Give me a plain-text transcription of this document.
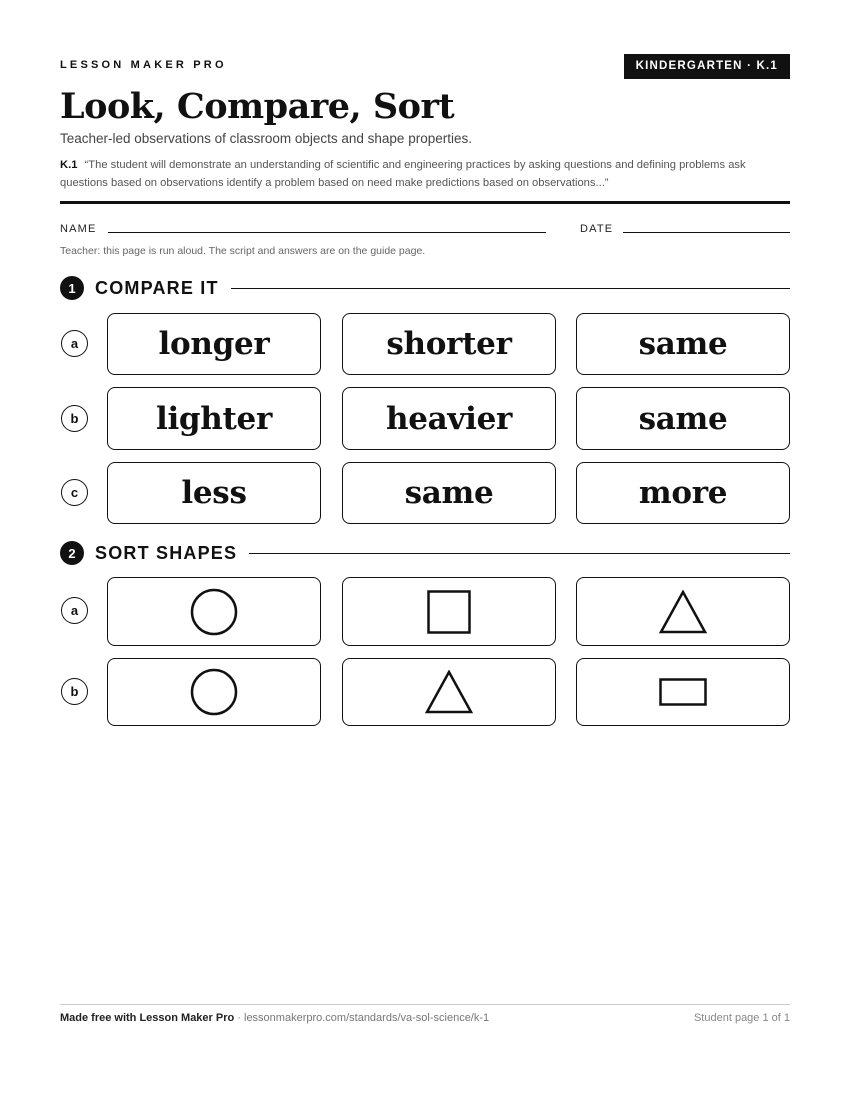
LESSON MAKER PRO	KINDERGARTEN · K.1
Look, Compare, Sort
Teacher-led observations of classroom objects and shape properties.
K.1 “The student will demonstrate an understanding of scientific and engineering practices by asking questions and defining problems ask questions based on observations identify a problem based on need make predictions based on observations...”
NAME	DATE
Teacher: this page is run aloud. The script and answers are on the guide page.
1	COMPARE IT
a	longer	shorter	same
b	lighter	heavier	same
c	less	same	more
2	SORT SHAPES
a
b
Made free with Lesson Maker Pro · lessonmakerpro.com/standards/va-sol-science/k-1	Student page 1 of 1
